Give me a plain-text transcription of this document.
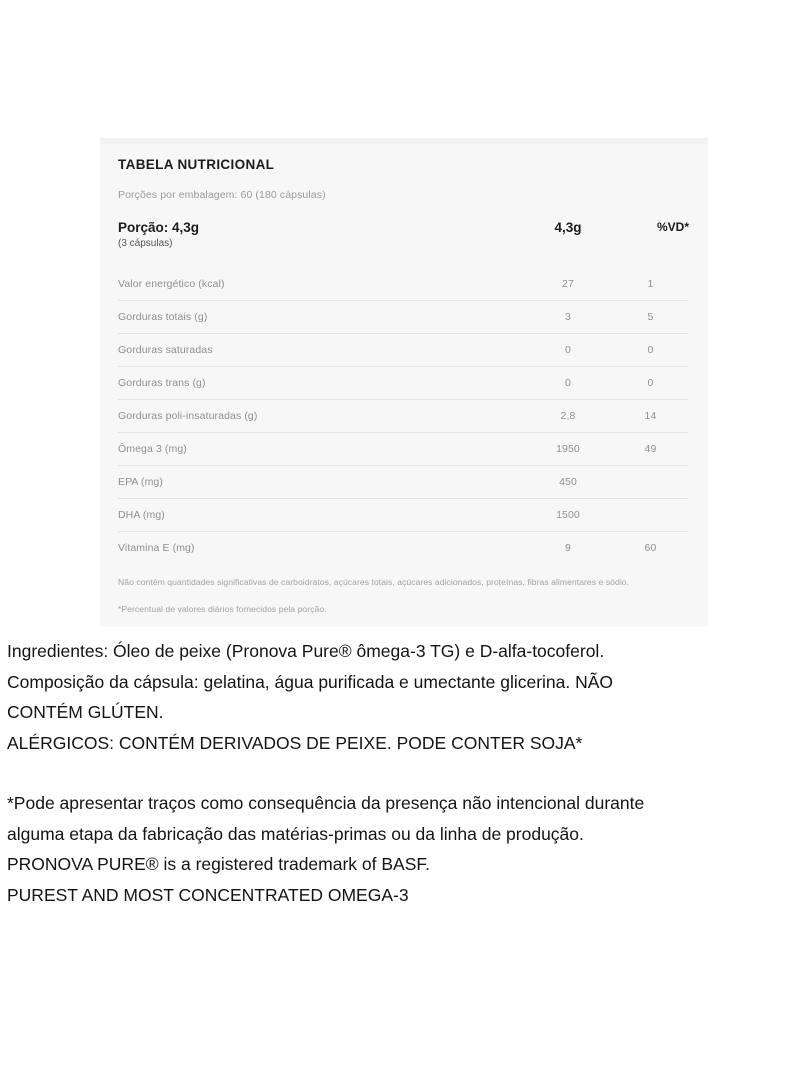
TABELA NUTRICIONAL
Porções por embalagem: 60 (180 cápsulas)
Porção: 4,3g
(3 cápsulas)
4,3g	%VD*
Valor energético (kcal)	27	1
Gorduras totais (g)	3	5
Gorduras saturadas	0	0
Gorduras trans (g)	0	0
Gorduras poli-insaturadas (g)	2,8	14
Ômega 3 (mg)	1950	49
EPA (mg)	450	
DHA (mg)	1500	
Vitamina E (mg)	9	60
Não contém quantidades significativas de carboidratos, açúcares totais, açúcares adicionados, proteínas, fibras alimentares e sódio.
*Percentual de valores diários fornecidos pela porção.
Ingredientes: Óleo de peixe (Pronova Pure® ômega-3 TG) e D-alfa-tocoferol.
Composição da cápsula: gelatina, água purificada e umectante glicerina. NÃO
CONTÉM GLÚTEN.
ALÉRGICOS: CONTÉM DERIVADOS DE PEIXE. PODE CONTER SOJA*
*Pode apresentar traços como consequência da presença não intencional durante
alguma etapa da fabricação das matérias-primas ou da linha de produção.
PRONOVA PURE® is a registered trademark of BASF.
PUREST AND MOST CONCENTRATED OMEGA-3
